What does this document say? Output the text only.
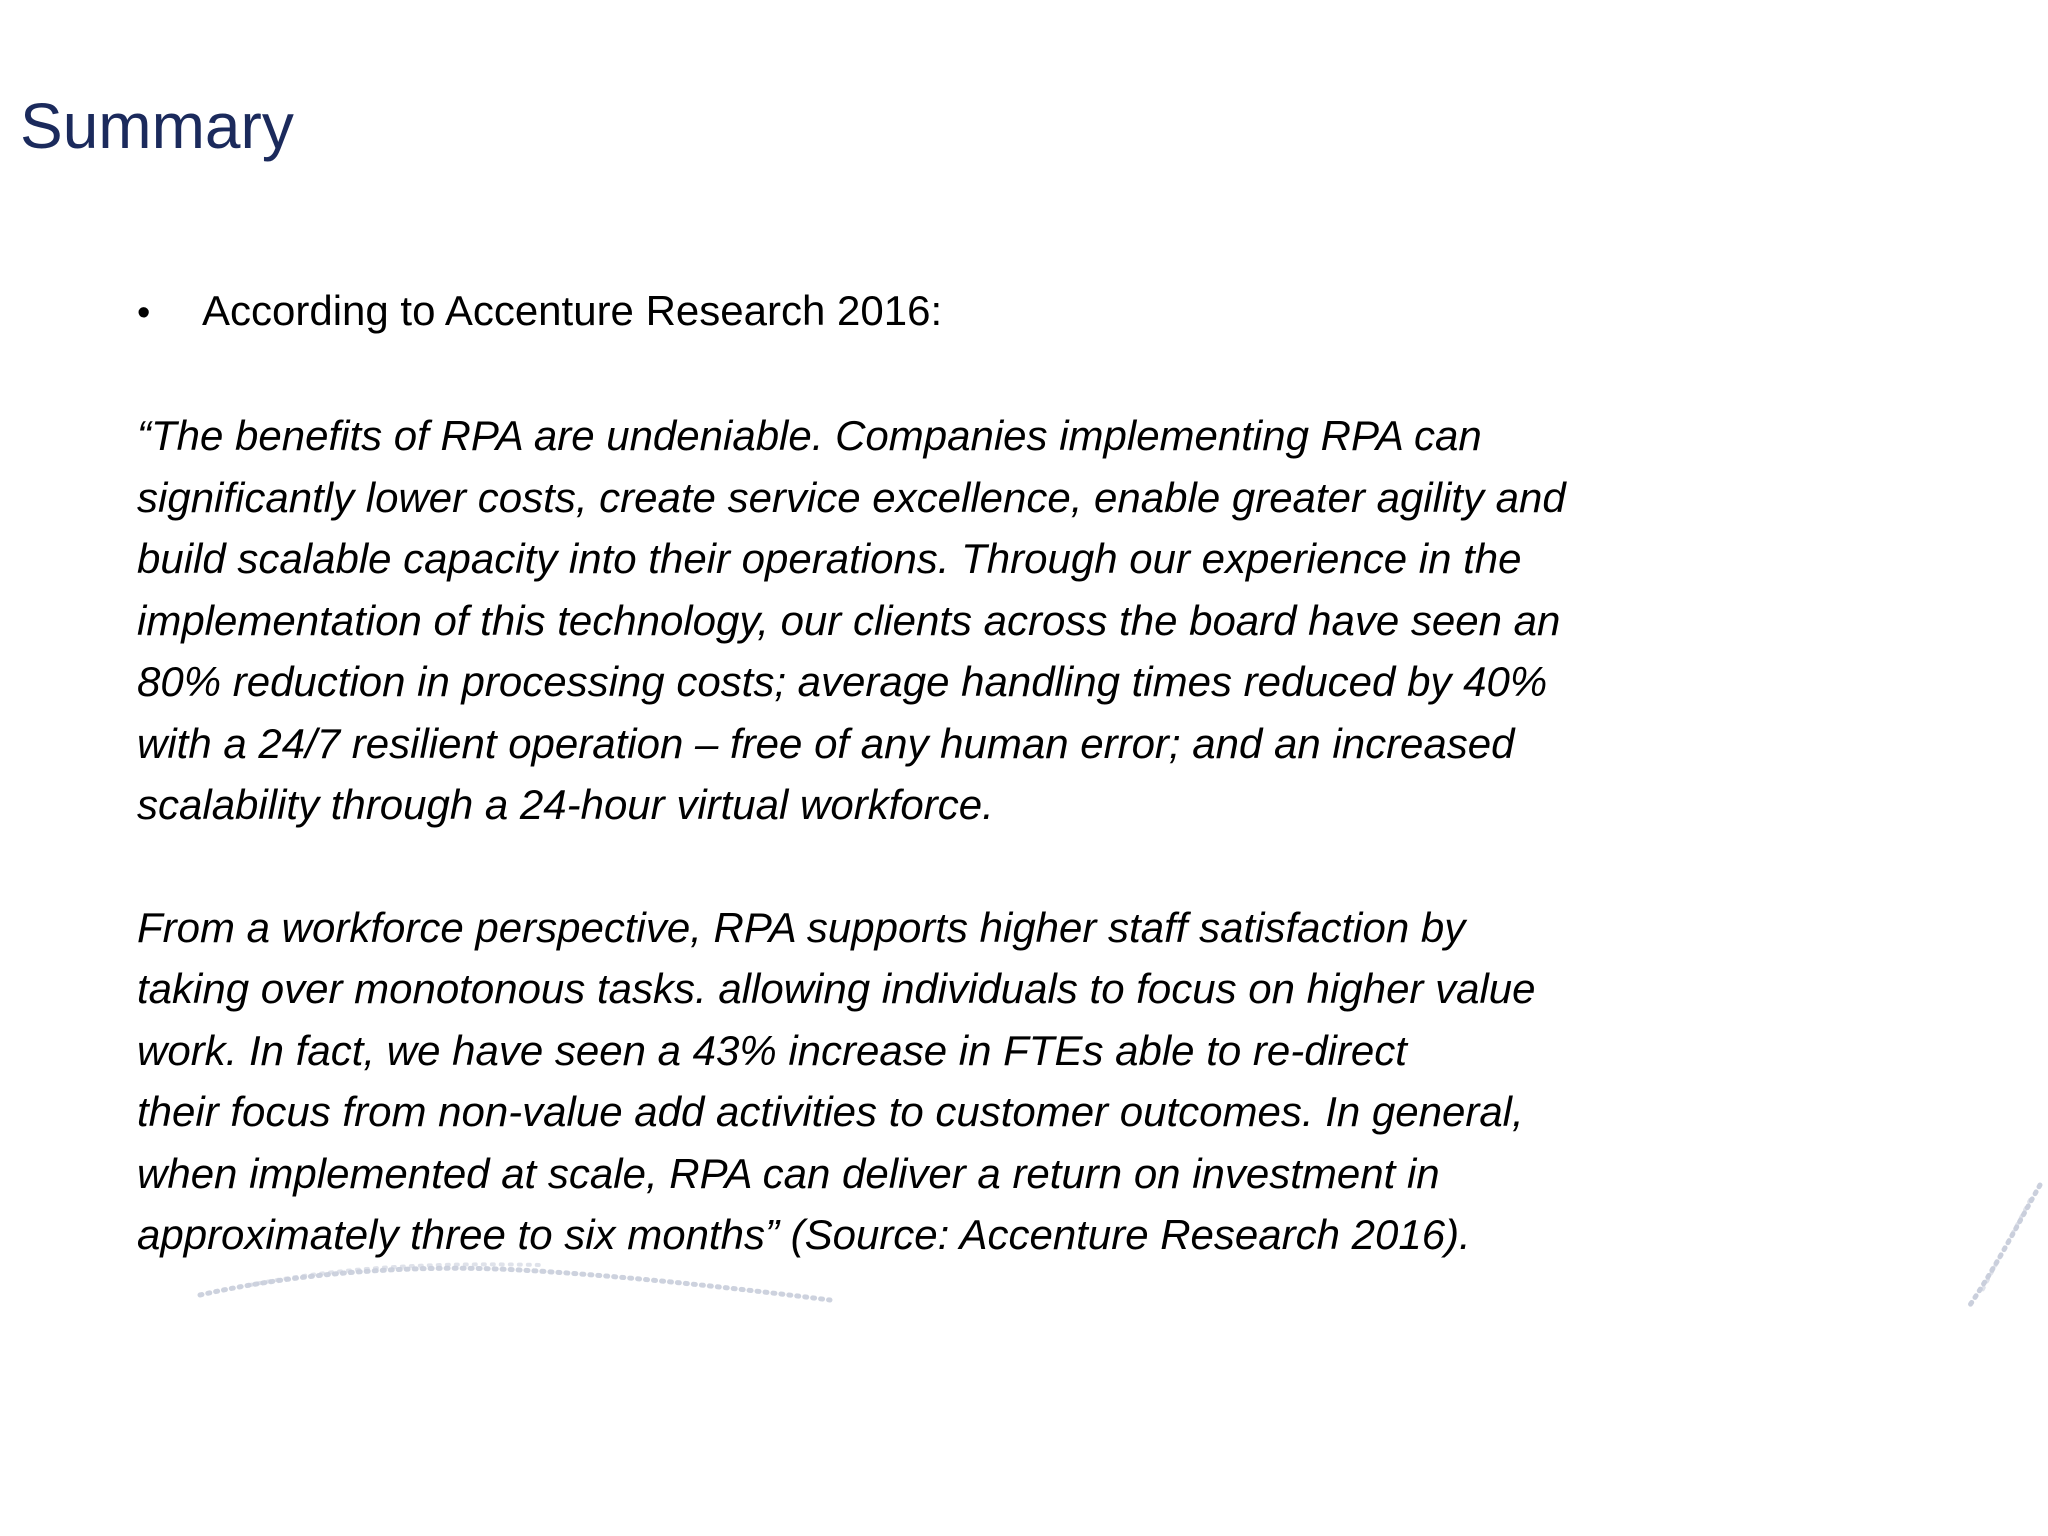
Summary
•	According to Accenture Research 2016:

“The benefits of RPA are undeniable. Companies implementing RPA can
significantly lower costs, create service excellence, enable greater agility and
build scalable capacity into their operations. Through our experience in the
implementation of this technology, our clients across the board have seen an
80% reduction in processing costs; average handling times reduced by 40%
with a 24/7 resilient operation – free of any human error; and an increased
scalability through a 24-hour virtual workforce.

From a workforce perspective, RPA supports higher staff satisfaction by
taking over monotonous tasks. allowing individuals to focus on higher value
work. In fact, we have seen a 43% increase in FTEs able to re-direct
their focus from non-value add activities to customer outcomes. In general,
when implemented at scale, RPA can deliver a return on investment in
approximately three to six months” (Source: Accenture Research 2016).
